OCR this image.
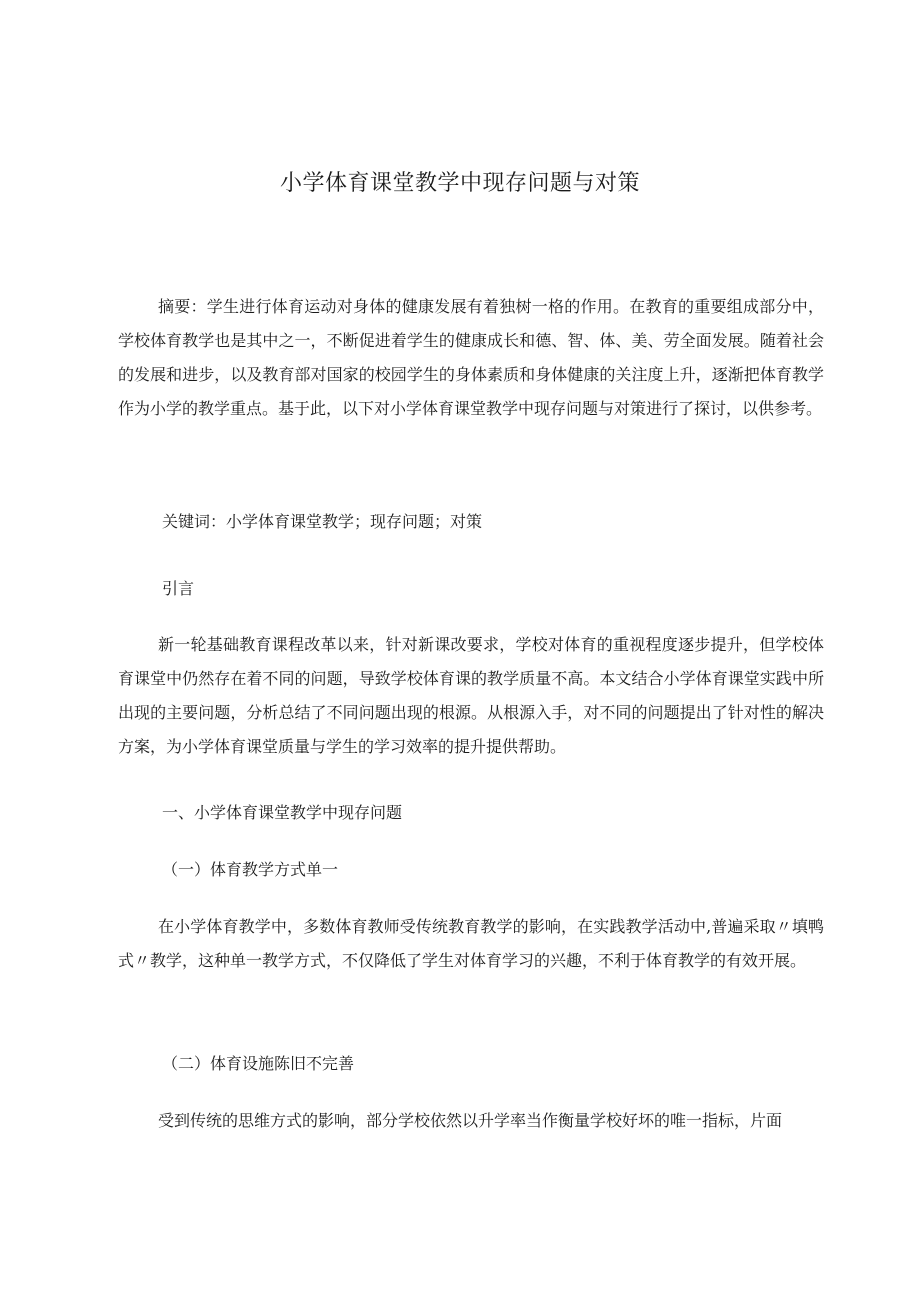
小学体育课堂教学中现存问题与对策
摘要：学生进行体育运动对身体的健康发展有着独树一格的作用。在教育的重要组成部分中，学校体育教学也是其中之一，不断促进着学生的健康成长和德、智、体、美、劳全面发展。随着社会的发展和进步，以及教育部对国家的校园学生的身体素质和身体健康的关注度上升，逐渐把体育教学作为小学的教学重点。基于此，以下对小学体育课堂教学中现存问题与对策进行了探讨，以供参考。
关键词：小学体育课堂教学；现存问题；对策
引言
新一轮基础教育课程改革以来，针对新课改要求，学校对体育的重视程度逐步提升，但学校体育课堂中仍然存在着不同的问题，导致学校体育课的教学质量不高。本文结合小学体育课堂实践中所出现的主要问题，分析总结了不同问题出现的根源。从根源入手，对不同的问题提出了针对性的解决方案，为小学体育课堂质量与学生的学习效率的提升提供帮助。
一、小学体育课堂教学中现存问题
（一）体育教学方式单一
在小学体育教学中，多数体育教师受传统教育教学的影响，在实践教学活动中,普遍采取〃填鸭式〃教学，这种单一教学方式，不仅降低了学生对体育学习的兴趣，不利于体育教学的有效开展。
（二）体育设施陈旧不完善
受到传统的思维方式的影响，部分学校依然以升学率当作衡量学校好坏的唯一指标，片面
